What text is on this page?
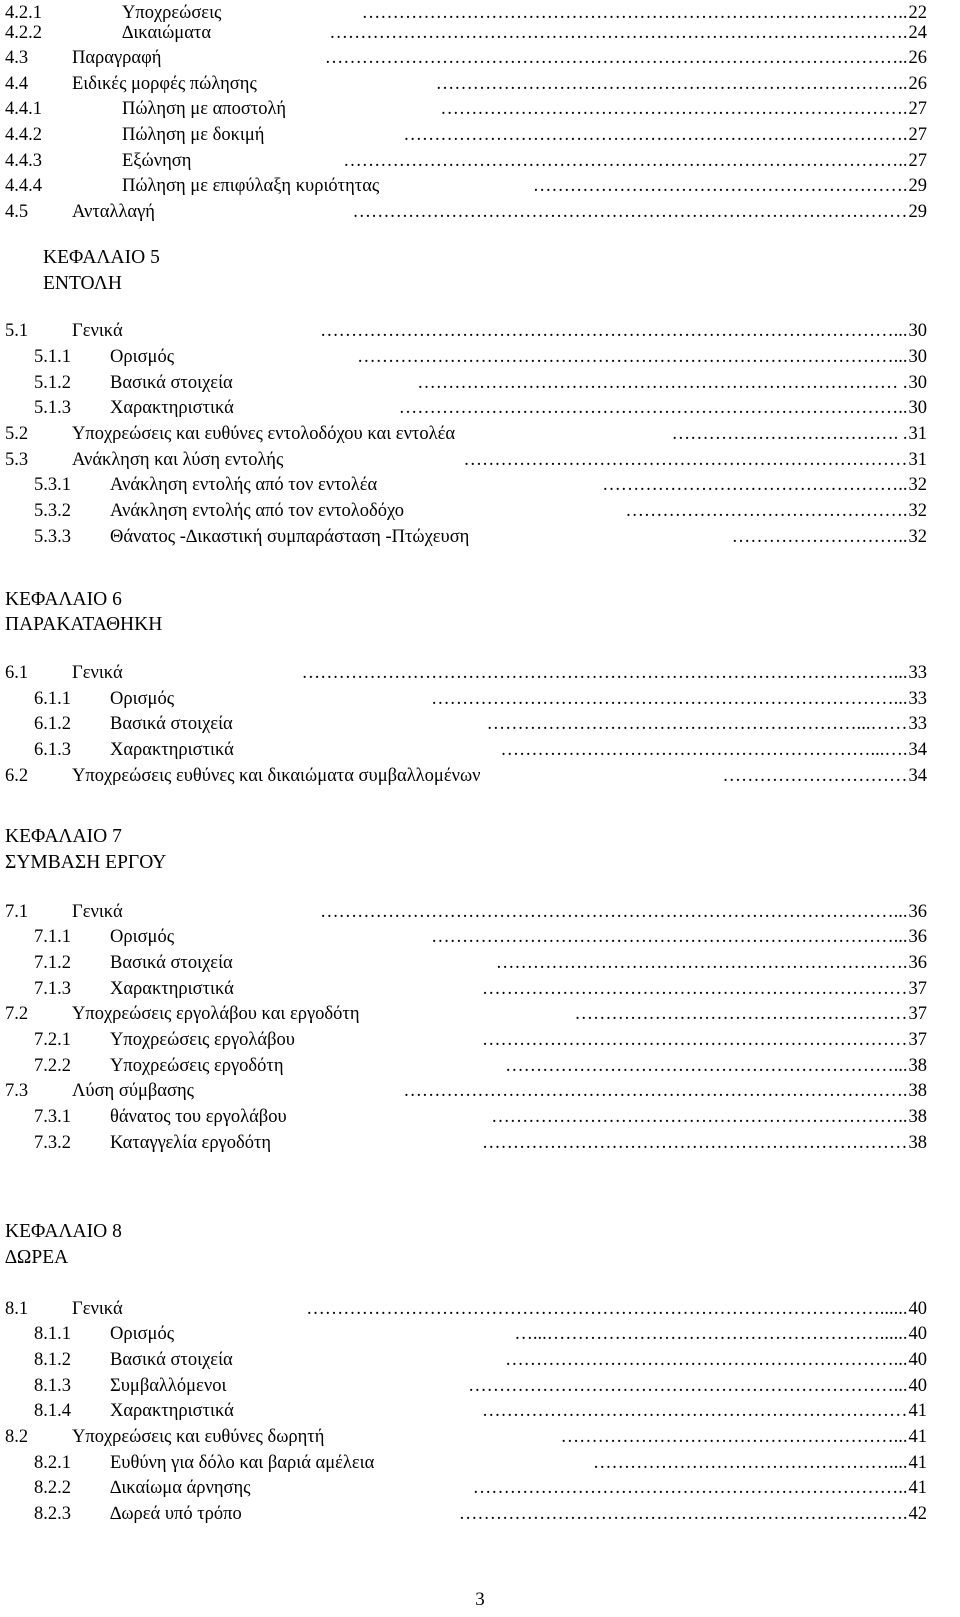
ΚΕΦΑΛΑΙΟ 5
ΕΝΤΟΛΗ
ΚΕΦΑΛΑΙΟ 6
ΠΑΡΑΚΑΤΑΘΗΚΗ
ΚΕΦΑΛΑΙΟ 7
ΣΥΜΒΑΣΗ ΕΡΓΟΥ
ΚΕΦΑΛΑΙΟ 8
∆ΩΡΕΑ
4.2.1	Υποχρεώσεις	…………………………………………………………………………….. 22
4.2.2	∆ικαιώματα	…………………………………………………………………………………. 24
4.3 Παραγραφή	………………………………………………………………………………….. 26
4.4 Ειδικές μορφές πώλησης	………………………………………………………………….. 26
4.4.1	Πώληση με αποστολή	…………………………………………………………………. 27
4.4.2	Πώληση με δοκιμή	………………………………………………………………………. 27
4.4.3	Εξώνηση	……………………………………………………………………………….. 27
4.4.4	Πώληση με επιφύλαξη κυριότητας	……………………………………………………. 29
4.5 Ανταλλαγή	……………………………………………………………………………… 29
5.1 Γενικά	…………………………………………………………………………………... 30
5.1.1 Ορισμός	……………………………………………………………………………... 30
5.1.2 Βασικά στοιχεία	…………………………………………………………………… . 30
5.1.3 Χαρακτηριστικά	……………………………………………………………………….. 30
5.2 Υποχρεώσεις και ευθύνες εντολοδόχου και εντολέα	………………………………. . 31
5.3 Ανάκληση και λύση εντολής	……………………………………………………………… 31
5.3.1 Ανάκληση εντολής από τον εντολέα	………………………………………….. 32
5.3.2 Ανάκληση εντολής από τον εντολοδόχο	………………………………………. 32
5.3.3 Θάνατος -∆ικαστική συμπαράσταση -Πτώχευση	……………………….. 32
6.1 Γενικά	……………………………………………………………………………………... 33
6.1.1 Ορισμός	…………………………………………………………………... 33
6.1.2 Βασικά στοιχεία	……………………………………………………...…… 33
6.1.3 Χαρακτηριστικά	……………………………………………………...…. 34
6.2 Υποχρεώσεις ευθύνες και δικαιώματα συμβαλλομένων	………………………… 34
7.1 Γενικά	…………………………………………………………………………………... 36
7.1.1 Ορισμός	…………………………………………………………………... 36
7.1.2 Βασικά στοιχεία	…………………………………………………………. 36
7.1.3 Χαρακτηριστικά	…………………………………………………………… 37
7.2 Υποχρεώσεις εργολάβου και εργοδότη	……………………………………………… 37
7.2.1 Υποχρεώσεις εργολάβου	…………………………………………………………… 37
7.2.2 Υποχρεώσεις εργοδότη	………………………………………………………... 38
7.3 Λύση σύμβασης	………………………………………………………………………. 38
7.3.1 θάνατος του εργολάβου	………………………………………………………….. 38
7.3.2 Καταγγελία εργοδότη	…………………………………………………………… 38
8.1 Γενικά	…………………………………………………………………………………...... 40
8.1.1 Ορισμός	…...………………………………………………...... 40
8.1.2 Βασικά στοιχεία	………………………………………………………... 40
8.1.3 Συμβαλλόμενοι	……………………………………………………………... 40
8.1.4 Χαρακτηριστικά	…………………………………………………………… 41
8.2 Υποχρεώσεις και ευθύνες δωρητή	………………………………………………... 41
8.2.1 Ευθύνη για δόλο και βαριά αμέλεια	………………………………………….... 41
8.2.2 ∆ικαίωμα άρνησης	…………………………………………………………….. 41
8.2.3 ∆ωρεά υπό τρόπο	………………………………………………………………. 42
3
